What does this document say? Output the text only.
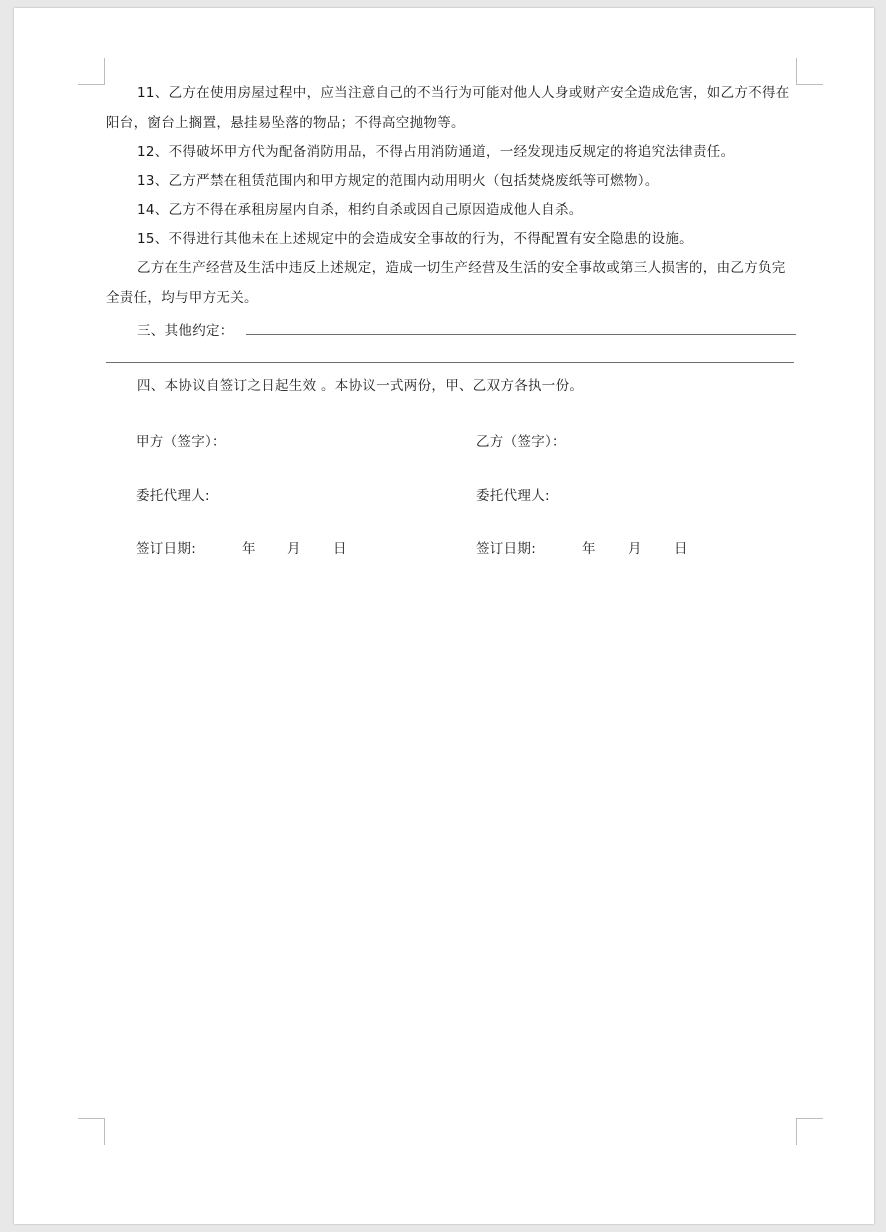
11、乙方在使用房屋过程中，应当注意自己的不当行为可能对他人人身或财产安全造成危害，如乙方不得在阳台，窗台上搁置，悬挂易坠落的物品；不得高空抛物等。
12、不得破坏甲方代为配备消防用品，不得占用消防通道，一经发现违反规定的将追究法律责任。
13、乙方严禁在租赁范围内和甲方规定的范围内动用明火（包括焚烧废纸等可燃物）。
14、乙方不得在承租房屋内自杀，相约自杀或因自己原因造成他人自杀。
15、不得进行其他未在上述规定中的会造成安全事故的行为，不得配置有安全隐患的设施。
乙方在生产经营及生活中违反上述规定，造成一切生产经营及生活的安全事故或第三人损害的，由乙方负完全责任，均与甲方无关。
三、其他约定：
四、本协议自签订之日起生效 。本协议一式两份，甲、乙双方各执一份。
甲方（签字）：	乙方（签字）：
委托代理人:	委托代理人:
签订日期:	年 月 日	签订日期:	年 月 日
